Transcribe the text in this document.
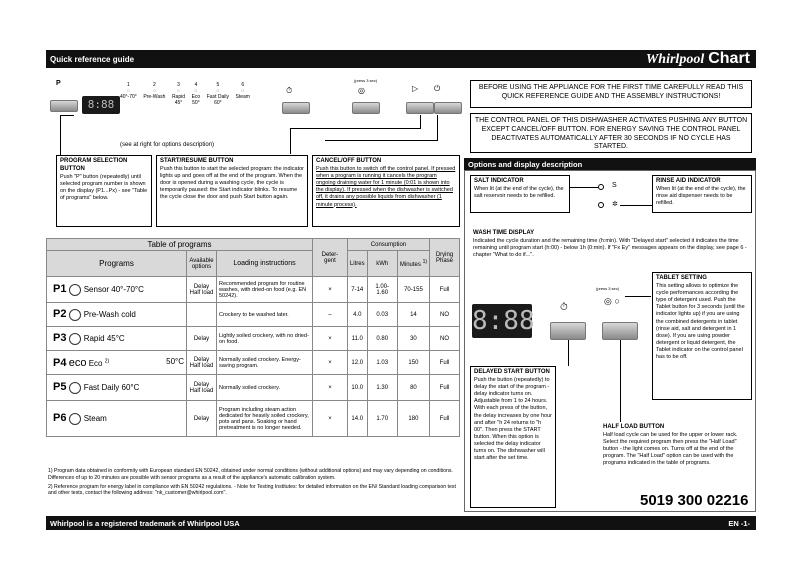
Quick reference guide	Whirlpool Chart
P
8:88
1
◌
40°-70°
2
◌
Pre-Wash
3
◌
Rapid
45°
4
◌
Eco
50°
5
◌
Fast Daily
60°
6
◌
Steam
⏱
(press 3 sec)
◎	▷ ⏻
(see at right for options description)
PROGRAM SELECTION BUTTON
Push "P" button (repeatedly) until selected program number is shown on the display (P1...Px) - see "Table of programs" below.
START/RESUME BUTTON
Push this button to start the selected program: the indicator lights up and goes off at the end of the program. When the door is opened during a washing cycle, the cycle is temporarily paused: the Start indicator blinks. To resume the cycle close the door and push Start button again.
CANCEL/OFF BUTTON
Push this button to switch off the control panel. If pressed when a program is running it cancels the program ongoing draining water for 1 minute (0:01 is shown into the display). If pressed when the dishwasher is switched off, it drains any possible liquids from dishwasher (1 minute process).
BEFORE USING THE APPLIANCE FOR THE FIRST TIME CAREFULLY READ THIS QUICK REFERENCE GUIDE AND THE ASSEMBLY INSTRUCTIONS!
THE CONTROL PANEL OF THIS DISHWASHER ACTIVATES PUSHING ANY BUTTON EXCEPT CANCEL/OFF BUTTON. FOR ENERGY SAVING THE CONTROL PANEL DEACTIVATES AUTOMATICALLY AFTER 30 SECONDS IF NO CYCLE HAS STARTED.
Options and display description
SALT INDICATOR
When lit (at the end of the cycle), the salt reservoir needs to be refilled.
S
✲
RINSE AID INDICATOR
When lit (at the end of the cycle), the rinse aid dispenser needs to be refilled.
WASH TIME DISPLAY
Indicated the cycle duration and the remaining time (h:min). With "Delayed start" selected it indicates the time remaining until program start (h:00) - below 1h (0:min). If "Fx Ey" messages appears on the display, see page 6 - chapter "What to do if...".
8:88	⏱
(press 3 sec)
◎ ○
TABLET SETTING
This setting allows to optimize the cycle performances according the type of detergent used. Push the Tablet button for 3 seconds (until the indicator lights up) if you are using the combined detergents in tablet (rinse aid, salt and detergent in 1 dose). If you are using powder detergent or liquid detergent, the Tablet indicator on the control panel has to be off.
DELAYED START BUTTON
Push the button (repeatedly) to delay the start of the program - delay indicator turns on. Adjustable from 1 to 24 hours. With each press of the button, the delay increases by one hour and after "h 24 returns to "h 00". Then press the START button. When this option is selected the delay indicator turns on. The dishwasher will start after the set time.
HALF LOAD BUTTON
Half load cycle can be used for the upper or lower rack. Select the required program then press the "Half Load" button - the light comes on. Turns off at the end of the program. The "Half Load" option can be used with the programs indicated in the table of programs.
Table of programs			Deter- gent	Consumption			Drying Phase
Programs	Available options	Loading instructions		Litres	kWh	Minutes $^{1)}$
P1 Sensor 40°-70°C	Delay Half load	Recommended program for routine washes, with dried-on food (e.g. EN 50242).	×	7-14	1.00-1.60	70-155	Full
P2 Pre-Wash cold		Crockery to be washed later.	–	4.0	0.03	14	NO
P3 Rapid 45°C	Delay	Lightly soiled crockery, with no dried-on food.	×	11.0	0.80	30	NO
P4 eco Eco $^{2)}$ 50°C	Delay Half load	Normally soiled crockery. Energy-saving program.	×	12.0	1.03	150	Full
P5 Fast Daily 60°C	Delay Half load	Normally soiled crockery.	×	10.0	1.30	80	Full
P6 Steam	Delay	Program including steam action dedicated for heavily soiled crockery, pots and pans. Soaking or hand pretreatment is no longer needed.	×	14.0	1.70	180	Full
1) Program data obtained in conformity with European standard EN 50242, obtained under normal conditions (without additional options) and may vary depending on conditions. Differences of up to 20 minutes are possible with sensor programs as a result of the appliance's automatic calibration system.
2) Reference program for energy label in compliance with EN 50242 regulations. - Note for Testing Institutes: for detailed information on the EN/ Standard loading comparison test and other tests, contact the following address: "nk_customer@whirlpool.com".	5019 300 02216
Whirlpool is a registered trademark of Whirlpool USA	EN -1-
